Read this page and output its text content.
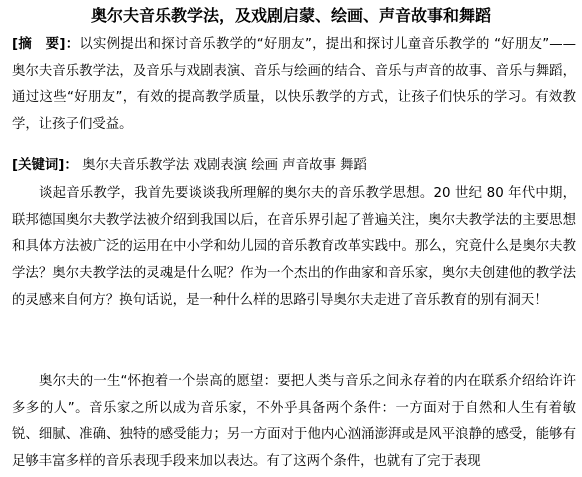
奥尔夫音乐教学法，及戏剧启蒙、绘画、声音故事和舞蹈
[摘　要]：以实例提出和探讨音乐教学的“好朋友”，提出和探讨儿童音乐教学的 “好朋友”——奥尔夫音乐教学法，及音乐与戏剧表演、音乐与绘画的结合、音乐与声音的故事、音乐与舞蹈， 通过这些“好朋友”，有效的提高教学质量，以快乐教学的方式，让孩子们快乐的学习。有效教学，让孩子们受益。
[关键词]： 奥尔夫音乐教学法 戏剧表演 绘画 声音故事 舞蹈
谈起音乐教学，我首先要谈谈我所理解的奥尔夫的音乐教学思想。20 世纪 80 年代中期，联邦德国奥尔夫教学法被介绍到我国以后，在音乐界引起了普遍关注，奥尔夫教学法的主要思想和具体方法被广泛的运用在中小学和幼儿园的音乐教育改革实践中。那么，究竟什么是奥尔夫教学法？奥尔夫教学法的灵魂是什么呢？作为一个杰出的作曲家和音乐家，奥尔夫创建他的教学法的灵感来自何方？换句话说，是一种什么样的思路引导奥尔夫走进了音乐教育的别有洞天！
奥尔夫的一生“怀抱着一个崇高的愿望：要把人类与音乐之间永存着的内在联系介绍给许许多多的人”。音乐家之所以成为音乐家，不外乎具备两个条件：一方面对于自然和人生有着敏锐、细腻、准确、独特的感受能力；另一方面对于他内心汹涌澎湃或是风平浪静的感受，能够有足够丰富多样的音乐表现手段来加以表达。有了这两个条件，也就有了完于表现
